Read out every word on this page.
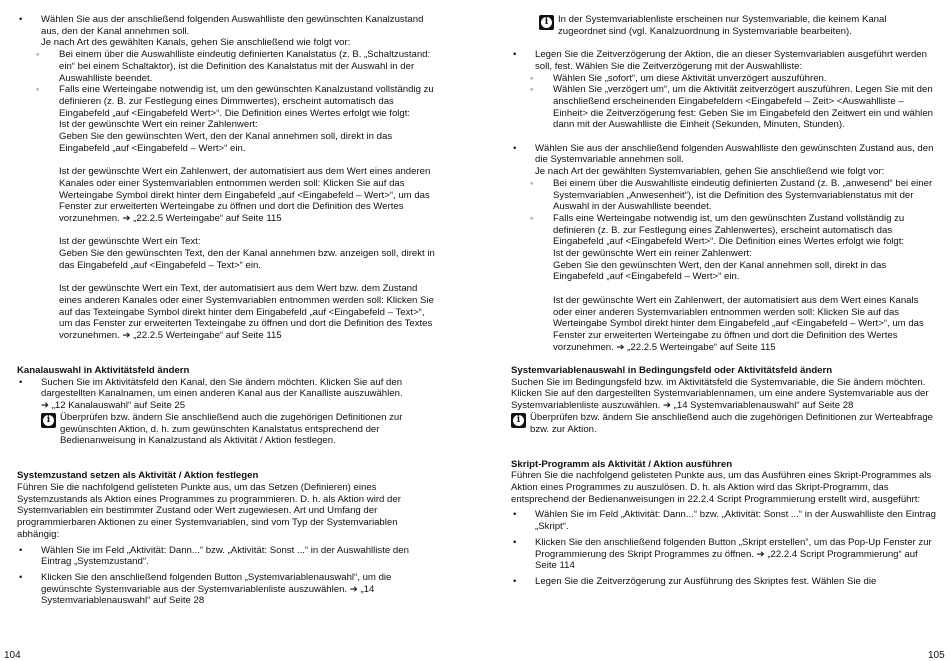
• Wählen Sie aus der anschließend folgenden Auswahlliste den gewünschten Kanalzustand aus, den der Kanal annehmen soll.
Je nach Art des gewählten Kanals, gehen Sie anschließend wie folgt vor:

◦ Bei einem über die Auswahlliste eindeutig definierten Kanalstatus (z. B. „Schaltzustand: ein“ bei einem Schaltaktor), ist die Definition des Kanalstatus mit der Auswahl in der Auswahlliste beendet.

◦ Falls eine Werteingabe notwendig ist, um den gewünschten Kanalzustand vollständig zu definieren (z. B. zur Festlegung eines Dimmwertes), erscheint automatisch das Eingabefeld „auf <Eingabefeld Wert>“. Die Definition eines Wertes erfolgt wie folgt:

Ist der gewünschte Wert ein reiner Zahlenwert:

Geben Sie den gewünschten Wert, den der Kanal annehmen soll, direkt in das Eingabefeld „auf <Eingabefeld – Wert>“ ein.

Ist der gewünschte Wert ein Zahlenwert, der automatisiert aus dem Wert eines anderen Kanales oder einer Systemvariablen entnommen werden soll: Klicken Sie auf das Werteingabe Symbol direkt hinter dem Eingabefeld „auf <Eingabefeld – Wert>“, um das Fenster zur erweiterten Werteingabe zu öffnen und dort die Definition des Wertes vorzunehmen. ➔ „22.2.5 Werteingabe“ auf Seite 115

Ist der gewünschte Wert ein Text:

Geben Sie den gewünschten Text, den der Kanal annehmen bzw. anzeigen soll, direkt in das Eingabefeld „auf <Eingabefeld – Text>“ ein.

Ist der gewünschte Wert ein Text, der automatisiert aus dem Wert bzw. dem Zustand eines anderen Kanales oder einer Systemvariablen entnommen werden soll: Klicken Sie auf das Texteingabe Symbol direkt hinter dem Eingabefeld „auf <Eingabefeld – Text>“, um das Fenster zur erweiterten Texteingabe zu öffnen und dort die Definition des Textes vorzunehmen. ➔ „22.2.5 Werteingabe“ auf Seite 115

Kanalauswahl in Aktivitätsfeld ändern

• Suchen Sie im Aktivitätsfeld den Kanal, den Sie ändern möchten. Klicken Sie auf den dargestellten Kanalnamen, um einen anderen Kanal aus der Kanalliste auszuwählen.
➔ „12 Kanalauswahl“ auf Seite 25

i	Überprüfen bzw. ändern Sie anschließend auch die zugehörigen Definitionen zur gewünschten Aktion, d. h. zum gewünschten Kanalstatus entsprechend der Bedienanweisung in Kanalzustand als Aktivität / Aktion festlegen.

Systemzustand setzen als Aktivität / Aktion festlegen

Führen Sie die nachfolgend gelisteten Punkte aus, um das Setzen (Definieren) eines Systemzustands als Aktion eines Programmes zu programmieren. D. h. als Aktion wird der Systemvariablen ein bestimmter Zustand oder Wert zugewiesen. Art und Umfang der programmierbaren Aktionen zu einer Systemvariablen, sind vom Typ der Systemvariablen abhängig:

• Wählen Sie im Feld „Aktivität: Dann...“ bzw. „Aktivität: Sonst ...“ in der Auswahlliste den Eintrag „Systemzustand“.

• Klicken Sie den anschließend folgenden Button „Systemvariablenauswahl“, um die gewünschte Systemvariable aus der Systemvariablenliste auszuwählen. ➔ „14 Systemvariablenauswahl“ auf Seite 28

i	In der Systemvariablenliste erscheinen nur Systemvariable, die keinem Kanal zugeordnet sind (vgl. Kanalzuordnung in Systemvariable bearbeiten).

• Legen Sie die Zeitverzögerung der Aktion, die an dieser Systemvariablen ausgeführt werden soll, fest. Wählen Sie die Zeitverzögerung mit der Auswahlliste:

◦ Wählen Sie „sofort“, um diese Aktivität unverzögert auszuführen.

◦ Wählen Sie „verzögert um“, um die Aktivität zeitverzögert auszuführen. Legen Sie mit den anschließend erscheinenden Eingabefeldern <Eingabefeld – Zeit> <Auswahlliste – Einheit> die Zeitverzögerung fest: Geben Sie im Eingabefeld den Zeitwert ein und wählen dann mit der Auswahlliste die Einheit (Sekunden, Minuten, Stunden).

• Wählen Sie aus der anschließend folgenden Auswahlliste den gewünschten Zustand aus, den die Systemvariable annehmen soll.
Je nach Art der gewählten Systemvariablen, gehen Sie anschließend wie folgt vor:

◦ Bei einem über die Auswahlliste eindeutig definierten Zustand (z. B. „anwesend“ bei einer Systemvariablen „Anwesenheit“), ist die Definition des Systemvariablenstatus mit der Auswahl in der Auswahlliste beendet.

◦ Falls eine Werteingabe notwendig ist, um den gewünschten Zustand vollständig zu definieren (z. B. zur Festlegung eines Zahlenwertes), erscheint automatisch das Eingabefeld „auf <Eingabefeld Wert>“. Die Definition eines Wertes erfolgt wie folgt:

Ist der gewünschte Wert ein reiner Zahlenwert:

Geben Sie den gewünschten Wert, den der Kanal annehmen soll, direkt in das Eingabefeld „auf <Eingabefeld – Wert>“ ein.

Ist der gewünschte Wert ein Zahlenwert, der automatisiert aus dem Wert eines Kanals oder einer anderen Systemvariablen entnommen werden soll: Klicken Sie auf das Werteingabe Symbol direkt hinter dem Eingabefeld „auf <Eingabefeld – Wert>“, um das Fenster zur erweiterten Werteingabe zu öffnen und dort die Definition des Wertes vorzunehmen. ➔ „22.2.5 Werteingabe“ auf Seite 115

Systemvariablenauswahl in Bedingungsfeld oder Aktivitätsfeld ändern

Suchen Sie im Bedingungsfeld bzw. im Aktivitätsfeld die Systemvariable, die Sie ändern möchten. Klicken Sie auf den dargestellten Systemvariablennamen, um eine andere Systemvariable aus der Systemvariablenliste auszuwählen. ➔ „14 Systemvariablenauswahl“ auf Seite 28

i	Überprüfen bzw. ändern Sie anschließend auch die zugehörigen Definitionen zur Werteabfrage bzw. zur Aktion.

Skript-Programm als Aktivität / Aktion ausführen

Führen Sie die nachfolgend gelisteten Punkte aus, um das Ausführen eines Skript-Programmes als Aktion eines Programmes zu auszulösen. D. h. als Aktion wird das Skript-Programm, das entsprechend der Bedienanweisungen in 22.2.4 Script Programmierung erstellt wird, ausgeführt:

• Wählen Sie im Feld „Aktivität: Dann...“ bzw. „Aktivität: Sonst ...“ in der Auswahlliste den Eintrag „Skript“.

• Klicken Sie den anschließend folgenden Button „Skript erstellen“, um das Pop-Up Fenster zur Programmierung des Skript Programmes zu öffnen. ➔ „22.2.4 Script Programmierung“ auf Seite 114

• Legen Sie die Zeitverzögerung zur Ausführung des Skriptes fest. Wählen Sie die

104	105
